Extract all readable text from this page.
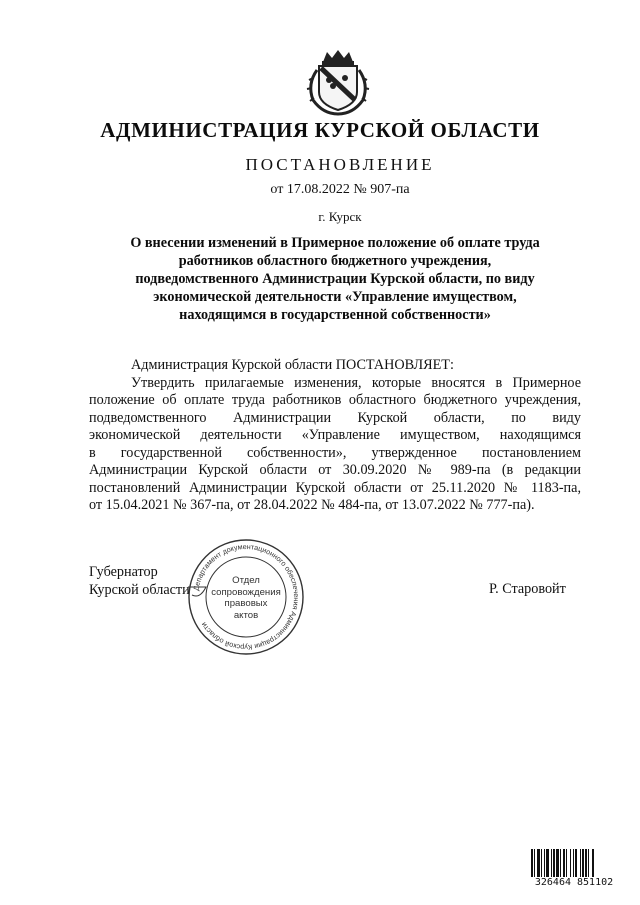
АДМИНИСТРАЦИЯ КУРСКОЙ ОБЛАСТИ
ПОСТАНОВЛЕНИЕ
от 17.08.2022 № 907-па
г. Курск
О внесении изменений в Примерное положение об оплате труда
работников областного бюджетного учреждения,
подведомственного Администрации Курской области, по виду
экономической деятельности «Управление имуществом,
находящимся в государственной собственности»
Администрация Курской области ПОСТАНОВЛЯЕТ:
Утвердить прилагаемые изменения, которые вносятся в Примерное
положение об оплате труда работников областного бюджетного учреждения,
подведомственного Администрации Курской области, по виду
экономической деятельности «Управление имуществом, находящимся
в государственной собственности», утвержденное постановлением
Администрации Курской области от 30.09.2020 № 989-па (в редакции
постановлений Администрации Курской области от 25.11.2020 № 1183-па,
от 15.04.2021 № 367-па, от 28.04.2022 № 484-па, от 13.07.2022 № 777-па).
Губернатор
Курской области	Р. Старовойт
Департамент документационного обеспечения Администрации Курской области
Отдел
сопровождения
правовых
актов
326464 851102
